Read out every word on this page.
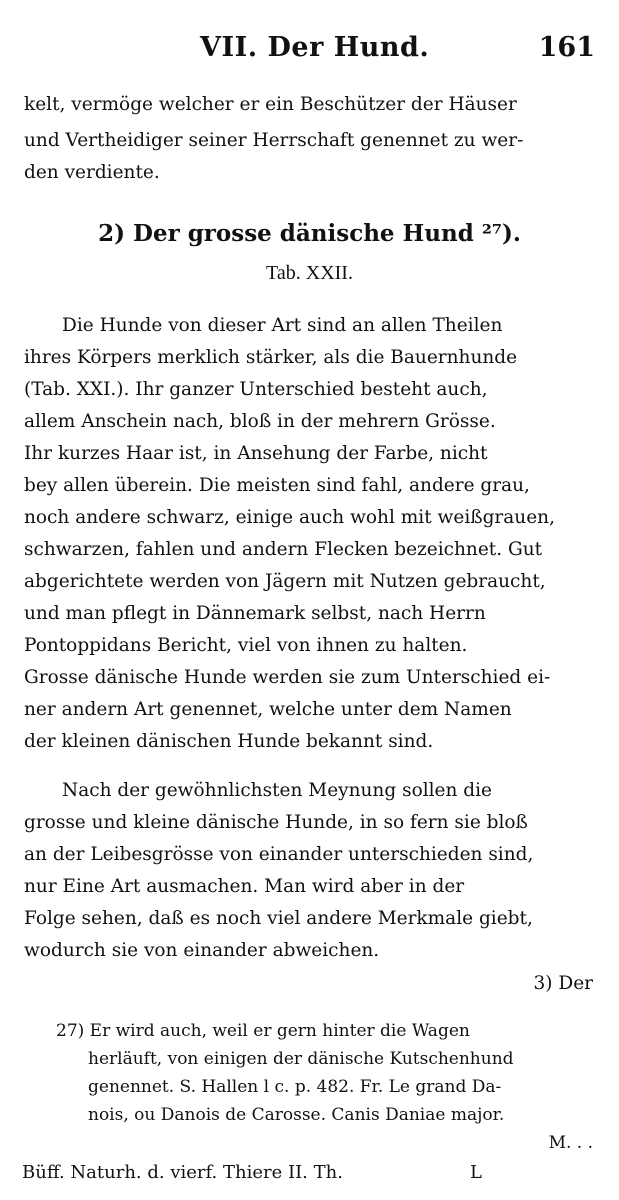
VII. Der Hund.	161
kelt, vermöge welcher er ein Beschützer der Häuser
und Vertheidiger seiner Herrschaft genennet zu wer-
den verdiente.
2) Der grosse dänische Hund ²⁷).
Tab. XXII.
Die Hunde von dieser Art sind an allen Theilen
ihres Körpers merklich stärker, als die Bauernhunde
(Tab. XXI.). Ihr ganzer Unterschied besteht auch,
allem Anschein nach, bloß in der mehrern Grösse.
Ihr kurzes Haar ist, in Ansehung der Farbe, nicht
bey allen überein. Die meisten sind fahl, andere grau,
noch andere schwarz, einige auch wohl mit weißgrauen,
schwarzen, fahlen und andern Flecken bezeichnet. Gut
abgerichtete werden von Jägern mit Nutzen gebraucht,
und man pflegt in Dännemark selbst, nach Herrn
Pontoppidans Bericht, viel von ihnen zu halten.
Grosse dänische Hunde werden sie zum Unterschied ei-
ner andern Art genennet, welche unter dem Namen
der kleinen dänischen Hunde bekannt sind.
Nach der gewöhnlichsten Meynung sollen die
grosse und kleine dänische Hunde, in so fern sie bloß
an der Leibesgrösse von einander unterschieden sind,
nur Eine Art ausmachen. Man wird aber in der
Folge sehen, daß es noch viel andere Merkmale giebt,
wodurch sie von einander abweichen.
3) Der
27) Er wird auch, weil er gern hinter die Wagen
herläuft, von einigen der dänische Kutschenhund
genennet. S. Hallen l c. p. 482. Fr. Le grand Da-
nois, ou Danois de Carosse. Canis Daniae major.
M. . .
Büff. Naturh. d. vierf. Thiere II. Th.	L
